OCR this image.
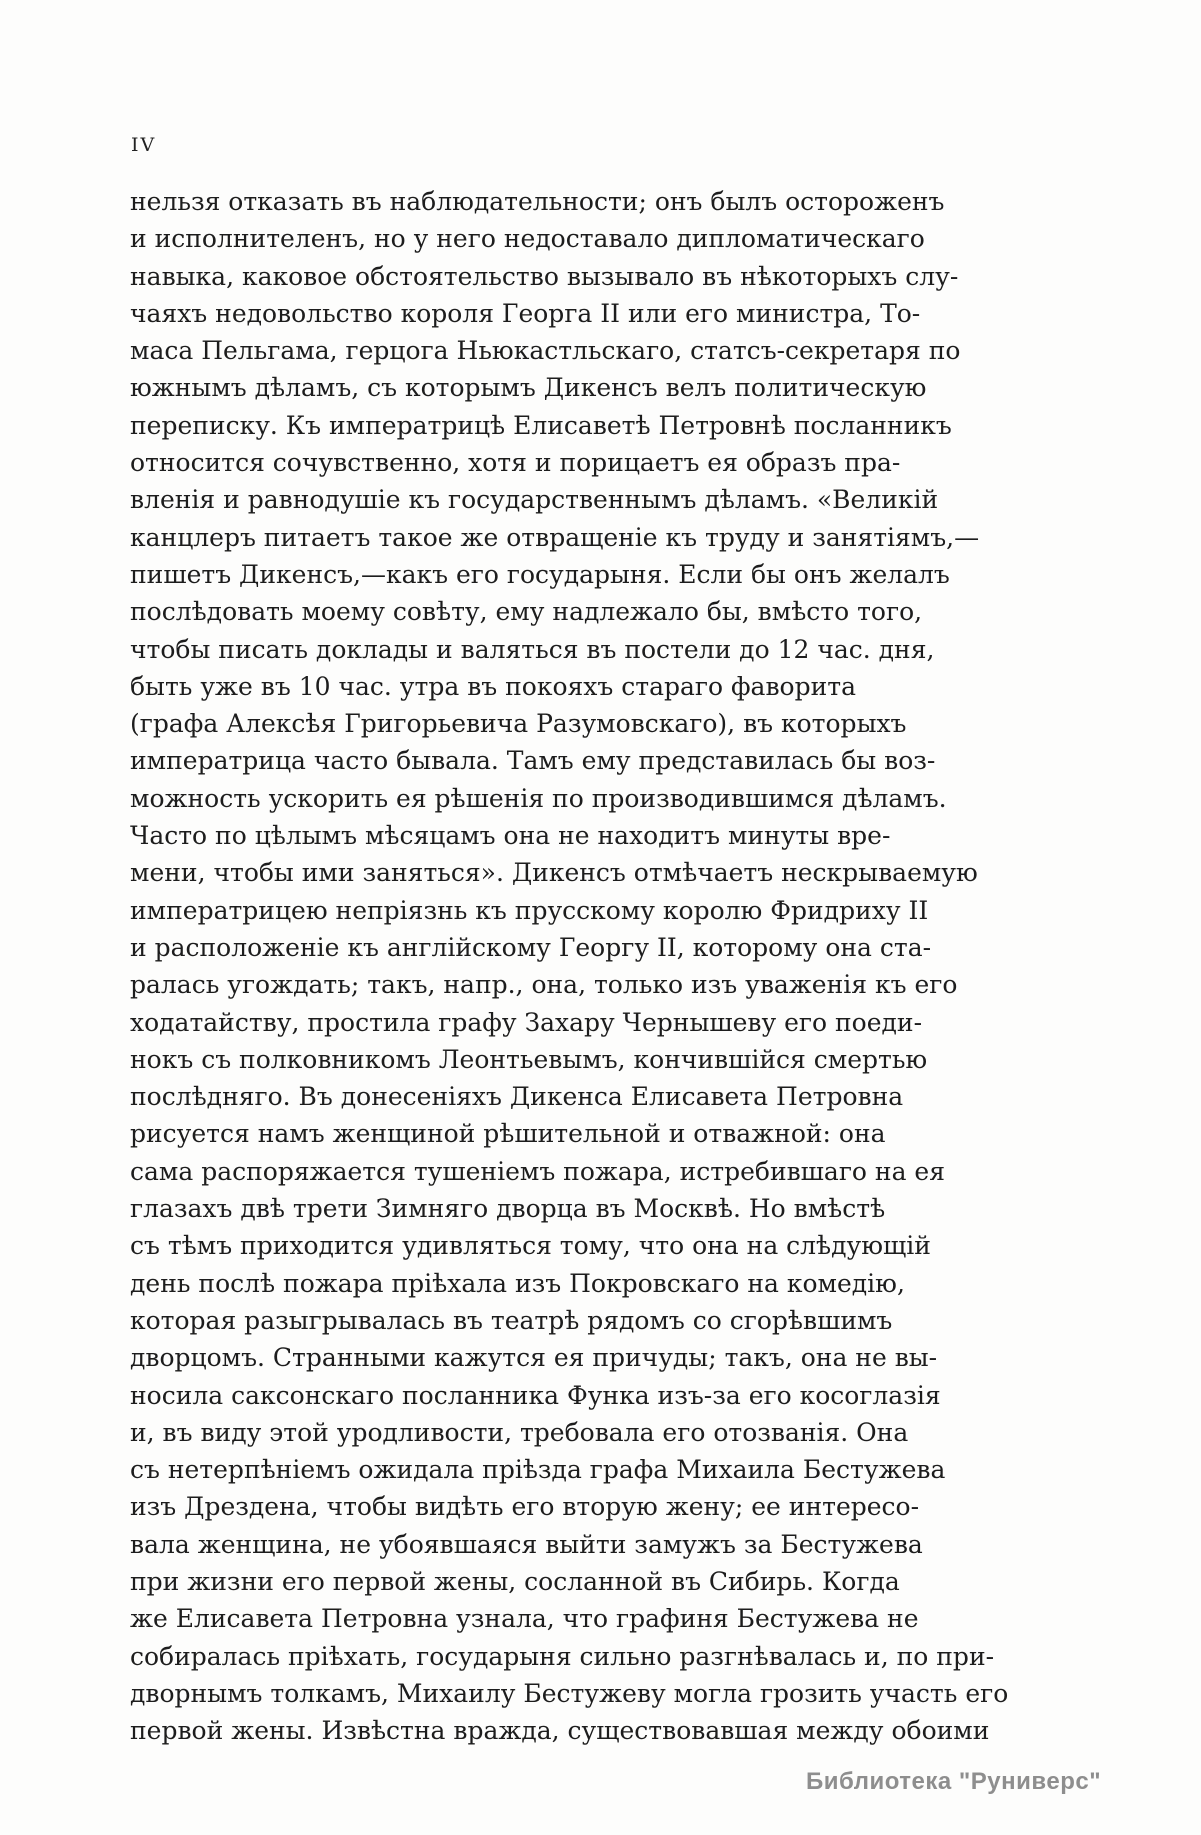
IV
нельзя отказать въ наблюдательности; онъ былъ остороженъ
и исполнителенъ, но у него недоставало дипломатическаго
навыка, каковое обстоятельство вызывало въ нѣкоторыхъ слу-
чаяхъ недовольство короля Георга II или его министра, То-
маса Пельгама, герцога Ньюкастльскаго, статсъ-секретаря по
южнымъ дѣламъ, съ которымъ Дикенсъ велъ политическую
переписку. Къ императрицѣ Елисаветѣ Петровнѣ посланникъ
относится сочувственно, хотя и порицаетъ ея образъ пра-
вленія и равнодушіе къ государственнымъ дѣламъ. «Великій
канцлеръ питаетъ такое же отвращеніе къ труду и занятіямъ,—
пишетъ Дикенсъ,—какъ его государыня. Если бы онъ желалъ
послѣдовать моему совѣту, ему надлежало бы, вмѣсто того,
чтобы писать доклады и валяться въ постели до 12 час. дня,
быть уже въ 10 час. утра въ покояхъ стараго фаворита
(графа Алексѣя Григорьевича Разумовскаго), въ которыхъ
императрица часто бывала. Тамъ ему представилась бы воз-
можность ускорить ея рѣшенія по производившимся дѣламъ.
Часто по цѣлымъ мѣсяцамъ она не находитъ минуты вре-
мени, чтобы ими заняться». Дикенсъ отмѣчаетъ нескрываемую
императрицею непріязнь къ прусскому королю Фридриху II
и расположеніе къ англійскому Георгу II, которому она ста-
ралась угождать; такъ, напр., она, только изъ уваженія къ его
ходатайству, простила графу Захару Чернышеву его поеди-
нокъ съ полковникомъ Леонтьевымъ, кончившійся смертью
послѣдняго. Въ донесеніяхъ Дикенса Елисавета Петровна
рисуется намъ женщиной рѣшительной и отважной: она
сама распоряжается тушеніемъ пожара, истребившаго на ея
глазахъ двѣ трети Зимняго дворца въ Москвѣ. Но вмѣстѣ
съ тѣмъ приходится удивляться тому, что она на слѣдующій
день послѣ пожара пріѣхала изъ Покровскаго на комедію,
которая разыгрывалась въ театрѣ рядомъ со сгорѣвшимъ
дворцомъ. Странными кажутся ея причуды; такъ, она не вы-
носила саксонскаго посланника Функа изъ-за его косоглазія
и, въ виду этой уродливости, требовала его отозванія. Она
съ нетерпѣніемъ ожидала пріѣзда графа Михаила Бестужева
изъ Дрездена, чтобы видѣть его вторую жену; ее интересо-
вала женщина, не убоявшаяся выйти замужъ за Бестужева
при жизни его первой жены, сосланной въ Сибирь. Когда
же Елисавета Петровна узнала, что графиня Бестужева не
собиралась пріѣхать, государыня сильно разгнѣвалась и, по при-
дворнымъ толкамъ, Михаилу Бестужеву могла грозить участь его
первой жены. Извѣстна вражда, существовавшая между обоими
Библиотека "Руниверс"
